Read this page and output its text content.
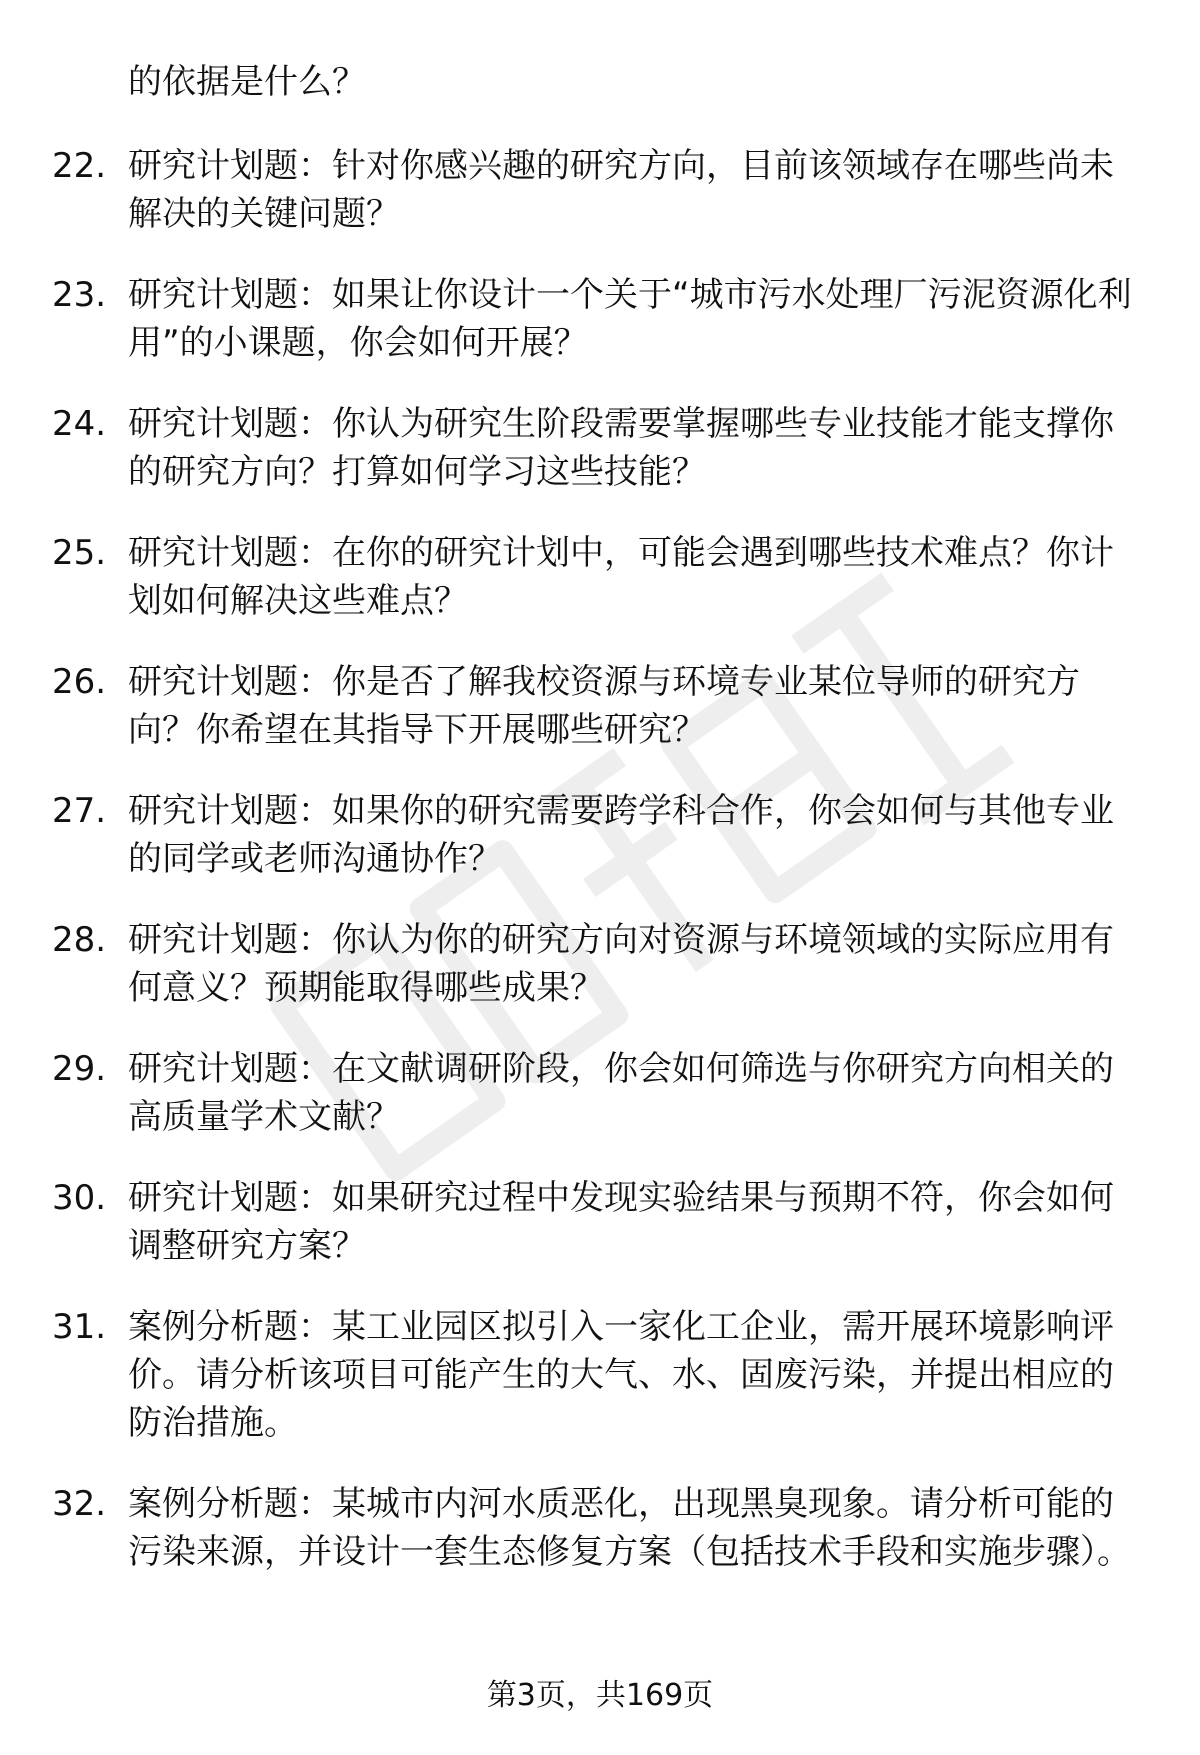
的依据是什么？

22. 研究计划题：针对你感兴趣的研究方向，目前该领域存在哪些尚未解决的关键问题？
23. 研究计划题：如果让你设计一个关于“城市污水处理厂污泥资源化利用”的小课题，你会如何开展？
24. 研究计划题：你认为研究生阶段需要掌握哪些专业技能才能支撑你的研究方向？打算如何学习这些技能？
25. 研究计划题：在你的研究计划中，可能会遇到哪些技术难点？你计划如何解决这些难点？
26. 研究计划题：你是否了解我校资源与环境专业某位导师的研究方向？你希望在其指导下开展哪些研究？
27. 研究计划题：如果你的研究需要跨学科合作，你会如何与其他专业的同学或老师沟通协作？
28. 研究计划题：你认为你的研究方向对资源与环境领域的实际应用有何意义？预期能取得哪些成果？
29. 研究计划题：在文献调研阶段，你会如何筛选与你研究方向相关的高质量学术文献？
30. 研究计划题：如果研究过程中发现实验结果与预期不符，你会如何调整研究方案？
31. 案例分析题：某工业园区拟引入一家化工企业，需开展环境影响评价。请分析该项目可能产生的大气、水、固废污染，并提出相应的防治措施。
32. 案例分析题：某城市内河水质恶化，出现黑臭现象。请分析可能的污染来源，并设计一套生态修复方案（包括技术手段和实施步骤）。
第3页，共169页
